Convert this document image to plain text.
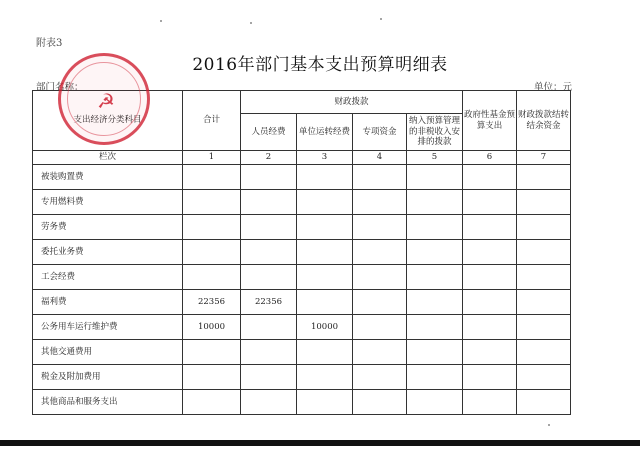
附表3
2016年部门基本支出预算明细表
部门名称：	单位：元
支出经济分类科目	合计	财政拨款				政府性基金预算支出	财政拨款结转结余资金
		人员经费	单位运转经费	专项资金	纳入预算管理的非税收入安排的拨款		
栏次	1	2	3	4	5	6	7
被装购置费							
专用燃料费							
劳务费							
委托业务费							
工会经费							
福利费	22356	22356					
公务用车运行维护费	10000		10000				
其他交通费用							
税金及附加费用							
其他商品和服务支出							
☭
